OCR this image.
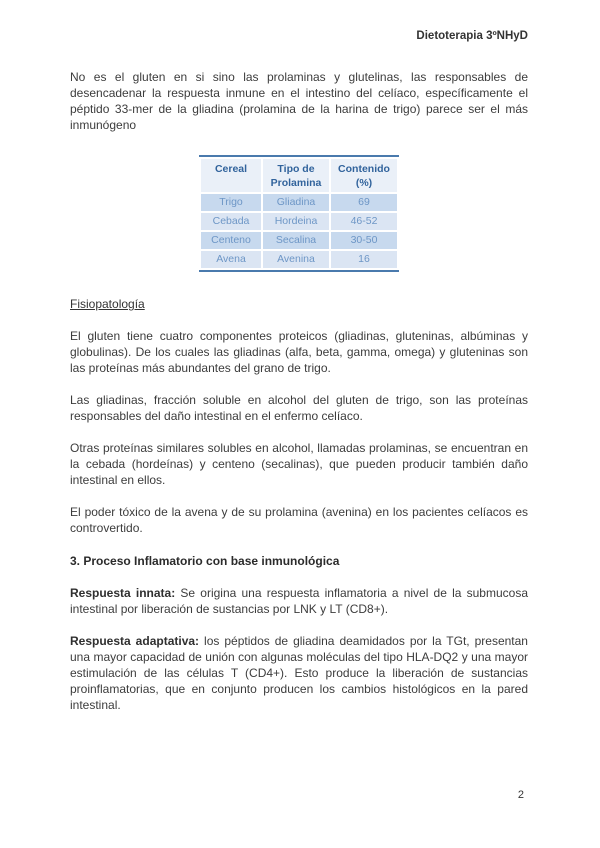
Dietoterapia 3ºNHyD

No es el gluten en si sino las prolaminas y glutelinas, las responsables de desencadenar la respuesta inmune en el intestino del celíaco, específicamente el péptido 33-mer de la gliadina (prolamina de la harina de trigo) parece ser el más inmunógeno

Cereal	Tipo de Prolamina	Contenido (%)
Trigo	Gliadina	69
Cebada	Hordeina	46-52
Centeno	Secalina	30-50
Avena	Avenina	16
Fisiopatología

El gluten tiene cuatro componentes proteicos (gliadinas, gluteninas, albúminas y globulinas). De los cuales las gliadinas (alfa, beta, gamma, omega) y gluteninas son las proteínas más abundantes del grano de trigo.

Las gliadinas, fracción soluble en alcohol del gluten de trigo, son las proteínas responsables del daño intestinal en el enfermo celíaco.

Otras proteínas similares solubles en alcohol, llamadas prolaminas, se encuentran en la cebada (hordeínas) y centeno (secalinas), que pueden producir también daño intestinal en ellos.

El poder tóxico de la avena y de su prolamina (avenina) en los pacientes celíacos es controvertido.

3. Proceso Inflamatorio con base inmunológica

Respuesta innata: Se origina una respuesta inflamatoria a nivel de la submucosa intestinal por liberación de sustancias por LNK y LT (CD8+).

Respuesta adaptativa: los péptidos de gliadina deamidados por la TGt, presentan una mayor capacidad de unión con algunas moléculas del tipo HLA-DQ2 y una mayor estimulación de las células T (CD4+). Esto produce la liberación de sustancias proinflamatorias, que en conjunto producen los cambios histológicos en la pared intestinal.

2
